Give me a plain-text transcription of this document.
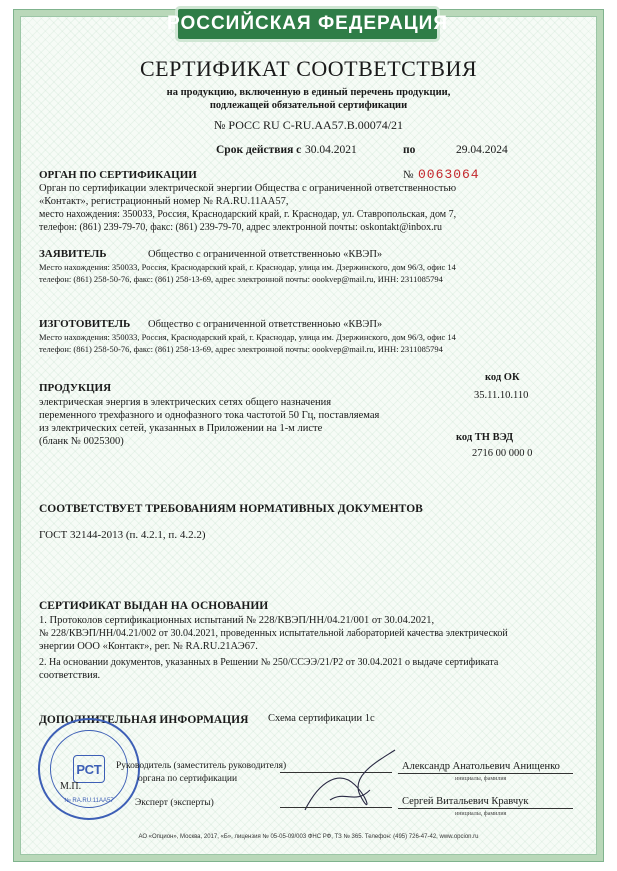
РОССИЙСКАЯ ФЕДЕРАЦИЯ
СЕРТИФИКАТ СООТВЕТСТВИЯ
на продукцию, включенную в единый перечень продукции,
подлежащей обязательной сертификации
№ РОСС RU С-RU.АА57.В.00074/21
Срок действия с 30.04.2021	по	29.04.2024
ОРГАН ПО СЕРТИФИКАЦИИ	№ 0063064
Орган по сертификации электрической энергии Общества с ограниченной ответственностью
«Контакт», регистрационный номер № RA.RU.11АА57,
место нахождения: 350033, Россия, Краснодарский край, г. Краснодар, ул. Ставропольская, дом 7,
телефон: (861) 239-79-70, факс: (861) 239-79-70, адрес электронной почты: oskontakt@inbox.ru
ЗАЯВИТЕЛЬ	Общество с ограниченной ответственноью «КВЭП»
Место нахождения: 350033, Россия, Краснодарский край, г. Краснодар, улица им. Дзержинского, дом 96/3, офис 14
телефон: (861) 258-50-76, факс: (861) 258-13-69, адрес электронной почты: oookvep@mail.ru, ИНН: 2311085794
ИЗГОТОВИТЕЛЬ Общество с ограниченной ответственноью «КВЭП»
Место нахождения: 350033, Россия, Краснодарский край, г. Краснодар, улица им. Дзержинского, дом 96/3, офис 14
телефон: (861) 258-50-76, факс: (861) 258-13-69, адрес электронной почты: oookvep@mail.ru, ИНН: 2311085794
ПРОДУКЦИЯ
код ОК
35.11.10.110
электрическая энергия в электрических сетях общего назначения
переменного трехфазного и однофазного тока частотой 50 Гц, поставляемая
из электрических сетей, указанных в Приложении на 1-м листе
(бланк № 0025300)	код ТН ВЭД
2716 00 000 0
СООТВЕТСТВУЕТ ТРЕБОВАНИЯМ НОРМАТИВНЫХ ДОКУМЕНТОВ
ГОСТ 32144-2013 (п. 4.2.1, п. 4.2.2)
СЕРТИФИКАТ ВЫДАН НА ОСНОВАНИИ
1. Протоколов сертификационных испытаний № 228/КВЭП/НН/04.21/001 от 30.04.2021,
№ 228/КВЭП/НН/04.21/002 от 30.04.2021, проведенных испытательной лабораторией качества электрической
энергии ООО «Контакт», рег. № RA.RU.21АЭ67.
2. На основании документов, указанных в Решении № 250/ССЭЭ/21/Р2 от 30.04.2021 о выдаче сертификата
соответствия.
ДОПОЛНИТЕЛЬНАЯ ИНФОРМАЦИЯ Схема сертификации 1с
РСТ
№ RA.RU.11AA57
Руководитель (заместитель руководителя)
органа по сертификации
М.П.
Александр Анатольевич Анищенко
инициалы, фамилия
Эксперт (эксперты)	Сергей Витальевич Кравчук
инициалы, фамилия
АО «Опцион», Москва, 2017, «Б», лицензия № 05-05-09/003 ФНС РФ, ТЗ № 365. Телефон: (495) 726-47-42, www.opcion.ru
